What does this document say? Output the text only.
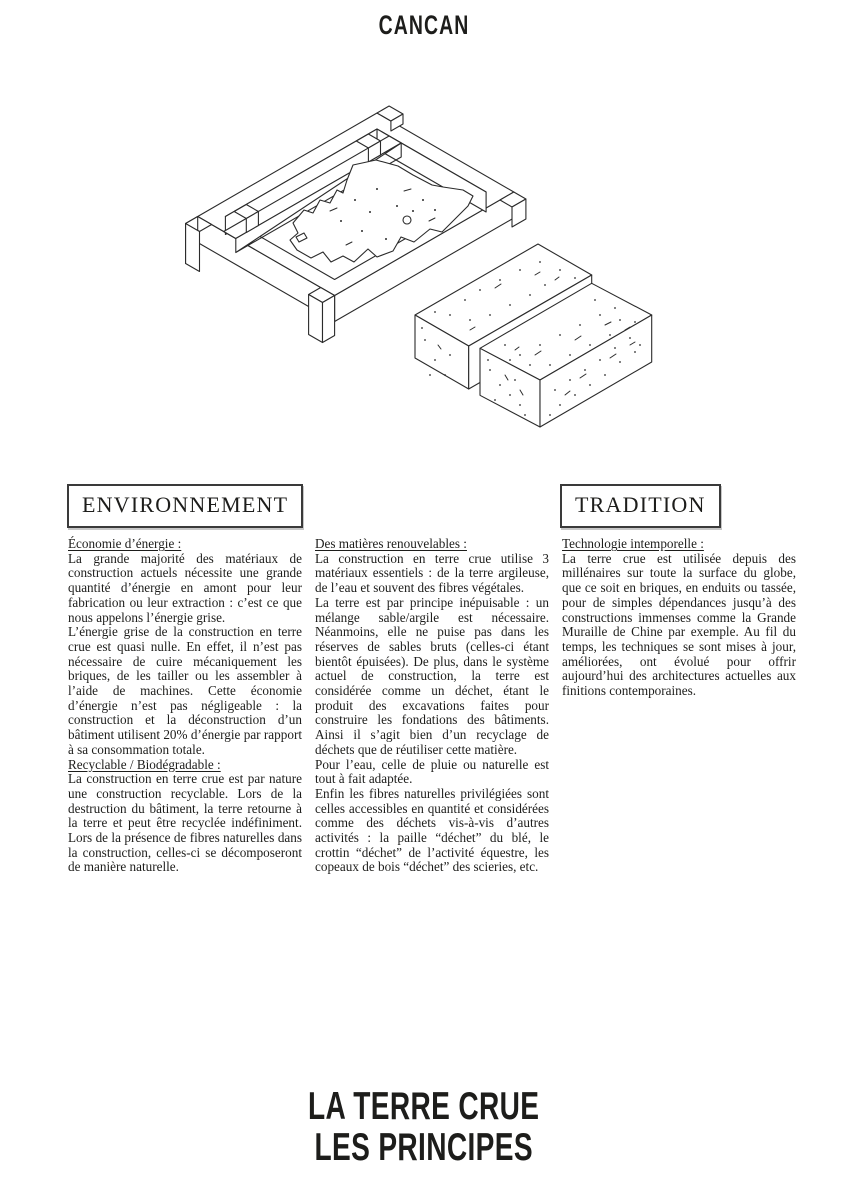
CANCAN
ENVIRONNEMENT	TRADITION

Économie d’énergie :

La grande majorité des matériaux de construction actuels nécessite une grande quantité d’énergie en amont pour leur fabrication ou leur extraction : c’est ce que nous appelons l’énergie grise.

L’énergie grise de la construction en terre crue est quasi nulle. En effet, il n’est pas nécessaire de cuire mécaniquement les briques, de les tailler ou les assembler à l’aide de machines. Cette économie d’énergie n’est pas négligeable : la construction et la déconstruction d’un bâtiment utilisent 20% d’énergie par rapport à sa consommation totale.

Recyclable / Biodégradable :

La construction en terre crue est par nature une construction recyclable. Lors de la destruction du bâtiment, la terre retourne à la terre et peut être recyclée indéfiniment. Lors de la présence de fibres naturelles dans la construction, celles-ci se décomposeront de manière naturelle.

Des matières renouvelables :

La construction en terre crue utilise 3 matériaux essentiels : de la terre argileuse, de l’eau et souvent des fibres végétales.

La terre est par principe inépuisable : un mélange sable/argile est nécessaire. Néanmoins, elle ne puise pas dans les réserves de sables bruts (celles-ci étant bientôt épuisées). De plus, dans le système actuel de construction, la terre est considérée comme un déchet, étant le produit des excavations faites pour construire les fondations des bâtiments. Ainsi il s’agit bien d’un recyclage de déchets que de réutiliser cette matière.

Pour l’eau, celle de pluie ou naturelle est tout à fait adaptée.

Enfin les fibres naturelles privilégiées sont celles accessibles en quantité et considérées comme des déchets vis-à-vis d’autres activités : la paille “déchet” du blé, le crottin “déchet” de l’activité équestre, les copeaux de bois “déchet” des scieries, etc.

Technologie intemporelle :

La terre crue est utilisée depuis des millénaires sur toute la surface du globe, que ce soit en briques, en enduits ou tassée, pour de simples dépendances jusqu’à des constructions immenses comme la Grande Muraille de Chine par exemple. Au fil du temps, les techniques se sont mises à jour, améliorées, ont évolué pour offrir aujourd’hui des architectures actuelles aux finitions contemporaines.

LA TERRE CRUE
LES PRINCIPES
